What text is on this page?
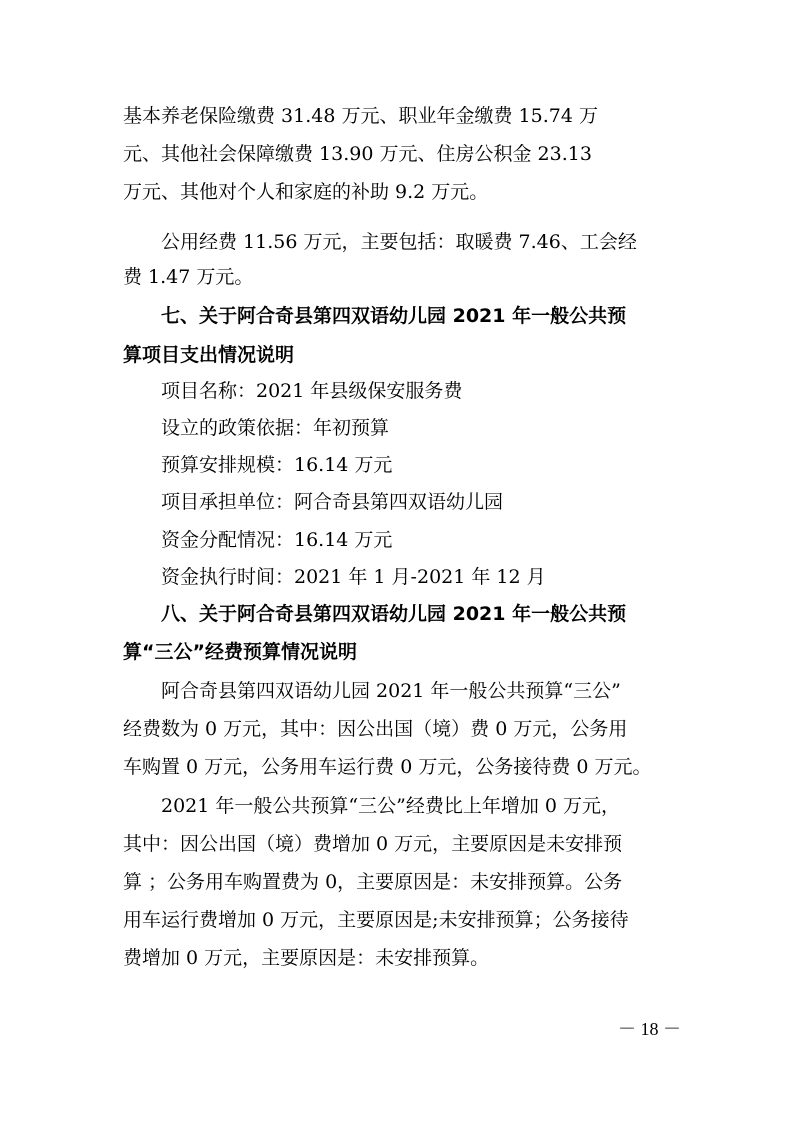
基本养老保险缴费 31.48 万元、职业年金缴费 15.74 万
元、其他社会保障缴费 13.90 万元、住房公积金 23.13
万元、其他对个人和家庭的补助 9.2 万元。
公用经费 11.56 万元，主要包括：取暖费 7.46、工会经
费 1.47 万元。
七、关于阿合奇县第四双语幼儿园 2021 年一般公共预
算项目支出情况说明
项目名称：2021 年县级保安服务费
设立的政策依据：年初预算
预算安排规模：16.14 万元
项目承担单位：阿合奇县第四双语幼儿园
资金分配情况：16.14 万元
资金执行时间：2021 年 1 月-2021 年 12 月
八、关于阿合奇县第四双语幼儿园 2021 年一般公共预
算“三公”经费预算情况说明
阿合奇县第四双语幼儿园 2021 年一般公共预算“三公”
经费数为 0 万元，其中：因公出国（境）费 0 万元，公务用
车购置 0 万元，公务用车运行费 0 万元，公务接待费 0 万元。
2021 年一般公共预算“三公”经费比上年增加 0 万元，
其中：因公出国（境）费增加 0 万元，主要原因是未安排预
算 ；公务用车购置费为 0，主要原因是：未安排预算。公务
用车运行费增加 0 万元，主要原因是;未安排预算；公务接待
费增加 0 万元，主要原因是：未安排预算。
－ 18 －
